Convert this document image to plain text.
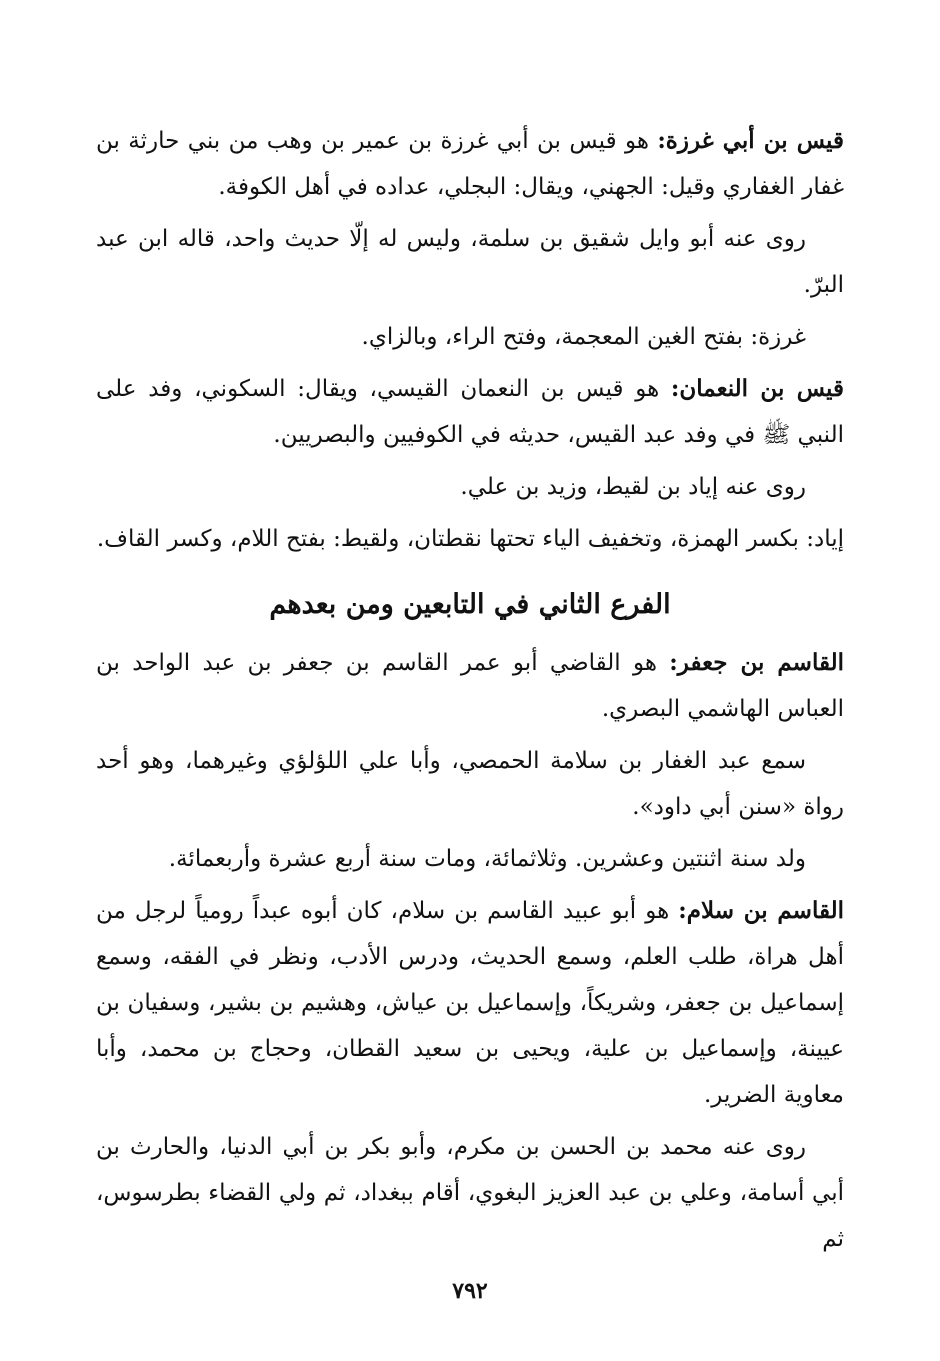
قيس بن أبي غرزة: هو قيس بن أبي غرزة بن عمير بن وهب من بني حارثة بن غفار الغفاري وقيل: الجهني، ويقال: البجلي، عداده في أهل الكوفة.

روى عنه أبو وايل شقيق بن سلمة، وليس له إلّا حديث واحد، قاله ابن عبد البرّ.

غرزة: بفتح الغين المعجمة، وفتح الراء، وبالزاي.

قيس بن النعمان: هو قيس بن النعمان القيسي، ويقال: السكوني، وفد على النبي ﷺ في وفد عبد القيس، حديثه في الكوفيين والبصريين.

روى عنه إياد بن لقيط، وزيد بن علي.

إياد: بكسر الهمزة، وتخفيف الياء تحتها نقطتان، ولقيط: بفتح اللام، وكسر القاف.

الفرع الثاني في التابعين ومن بعدهم

القاسم بن جعفر: هو القاضي أبو عمر القاسم بن جعفر بن عبد الواحد بن العباس الهاشمي البصري.

سمع عبد الغفار بن سلامة الحمصي، وأبا علي اللؤلؤي وغيرهما، وهو أحد رواة «سنن أبي داود».

ولد سنة اثنتين وعشرين. وثلاثمائة، ومات سنة أربع عشرة وأربعمائة.

القاسم بن سلام: هو أبو عبيد القاسم بن سلام، كان أبوه عبداً رومياً لرجل من أهل هراة، طلب العلم، وسمع الحديث، ودرس الأدب، ونظر في الفقه، وسمع إسماعيل بن جعفر، وشريكاً، وإسماعيل بن عياش، وهشيم بن بشير، وسفيان بن عيينة، وإسماعيل بن علية، ويحيى بن سعيد القطان، وحجاج بن محمد، وأبا معاوية الضرير.

روى عنه محمد بن الحسن بن مكرم، وأبو بكر بن أبي الدنيا، والحارث بن أبي أسامة، وعلي بن عبد العزيز البغوي، أقام ببغداد، ثم ولي القضاء بطرسوس، ثم

٧٩٢
